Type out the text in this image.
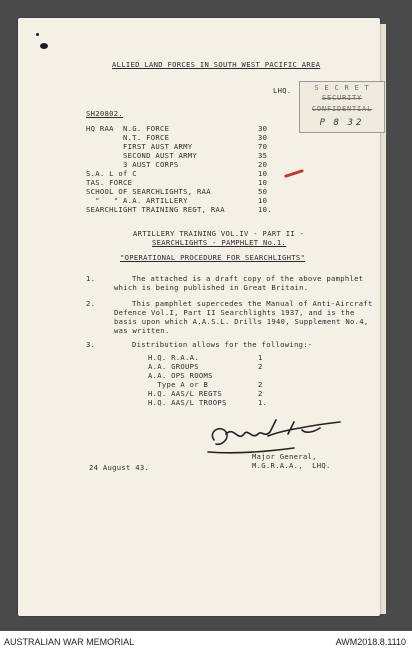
ALLIED LAND FORCES IN SOUTH WEST PACIFIC AREA
LHQ.	S E C R E T
SECURITY
CONFIDENTIAL
P 8 32
SH20802.
HQ RAA  N.G. FORCE	30
N.T. FORCE	30
FIRST AUST ARMY	70
SECOND AUST ARMY	35
3 AUST CORPS	20
S.A. L of C	10
TAS. FORCE	10
SCHOOL OF SEARCHLIGHTS, RAA	50
"   " A.A. ARTILLERY	10
SEARCHLIGHT TRAINING REGT, RAA	10.
ARTILLERY TRAINING VOL.IV - PART II -
SEARCHLIGHTS - PAMPHLET No.1.
"OPERATIONAL PROCEDURE FOR SEARCHLIGHTS"
1.	The attached is a draft copy of the above pamphlet
which is being published in Great Britain.
2.	This pamphlet supercedes the Manual of Anti-Aircraft
Defence Vol.I, Part II Searchlights 1937, and is the
basis upon which A.A.S.L. Drills 1940, Supplement No.4,
was written.
3.	Distribution allows for the following:-
H.Q. R.A.A.	1
A.A. GROUPS	2
A.A. OPS ROOMS
Type A or B	2
H.Q. AAS/L REGTS	2
H.Q. AAS/L TROOPS	1.
Major General,
M.G.R.A.A.,  LHQ.
24 August 43.
AUSTRALIAN WAR MEMORIAL	AWM2018.8.1110
